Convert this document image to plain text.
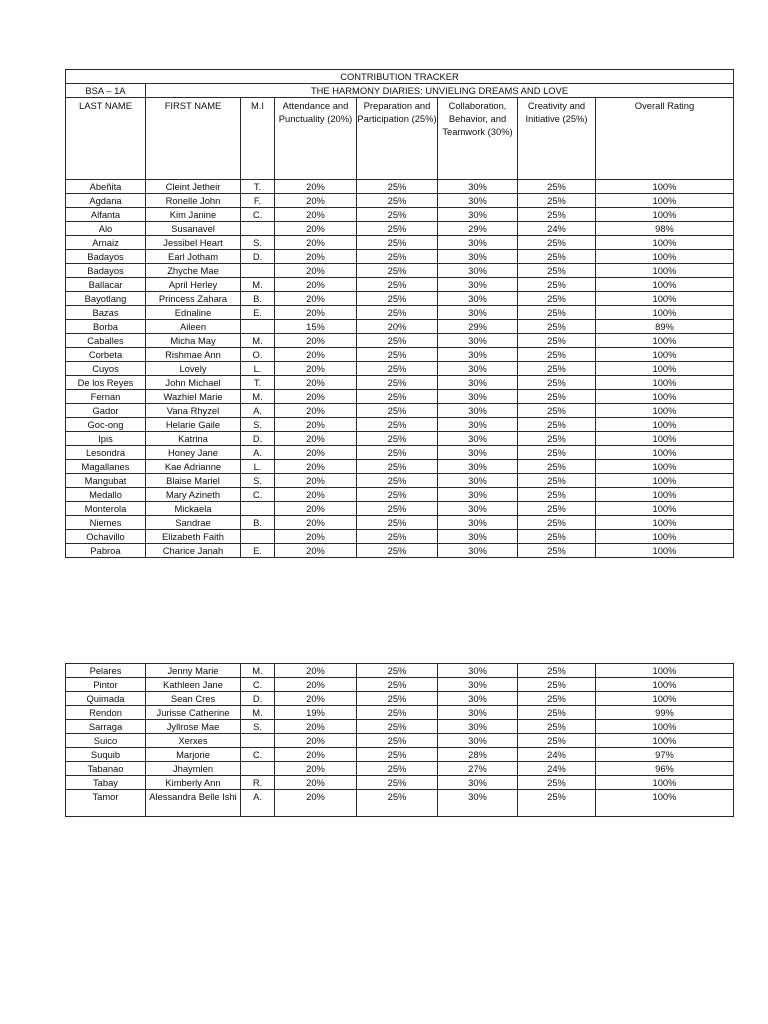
CONTRIBUTION TRACKER							
BSA – 1A	THE HARMONY DIARIES: UNVIELING DREAMS AND LOVE						
LAST NAME	FIRST NAME	M.I	Attendance and Punctuality (20%)	Preparation and Participation (25%)	Collaboration, Behavior, and Teamwork (30%)	Creativity and Initiative (25%)	Overall Rating
Abeñita	Cleint Jetheir	T.	20%	25%	30%	25%	100%
Agdana	Ronelle John	F.	20%	25%	30%	25%	100%
Alfanta	Kim Janine	C.	20%	25%	30%	25%	100%
Alo	Susanavel		20%	25%	29%	24%	98%
Arnaiz	Jessibel Heart	S.	20%	25%	30%	25%	100%
Badayos	Earl Jotham	D.	20%	25%	30%	25%	100%
Badayos	Zhyche Mae		20%	25%	30%	25%	100%
Ballacar	April Herley	M.	20%	25%	30%	25%	100%
Bayotlang	Princess Zahara	B.	20%	25%	30%	25%	100%
Bazas	Ednaline	E.	20%	25%	30%	25%	100%
Borba	Aileen		15%	20%	29%	25%	89%
Caballes	Micha May	M.	20%	25%	30%	25%	100%
Corbeta	Rishmae Ann	O.	20%	25%	30%	25%	100%
Cuyos	Lovely	L.	20%	25%	30%	25%	100%
De los Reyes	John Michael	T.	20%	25%	30%	25%	100%
Fernan	Wazhiel Marie	M.	20%	25%	30%	25%	100%
Gador	Vana Rhyzel	A.	20%	25%	30%	25%	100%
Goc-ong	Helarie Gaile	S.	20%	25%	30%	25%	100%
Ipis	Katrina	D.	20%	25%	30%	25%	100%
Lesondra	Honey Jane	A.	20%	25%	30%	25%	100%
Magallanes	Kae Adrianne	L.	20%	25%	30%	25%	100%
Mangubat	Blaise Mariel	S.	20%	25%	30%	25%	100%
Medallo	Mary Azineth	C.	20%	25%	30%	25%	100%
Monterola	Mickaela		20%	25%	30%	25%	100%
Niemes	Sandrae	B.	20%	25%	30%	25%	100%
Ochavillo	Elizabeth Faith		20%	25%	30%	25%	100%
Pabroa	Charice Janah	E.	20%	25%	30%	25%	100%
Pelares	Jenny Marie	M.	20%	25%	30%	25%	100%
Pintor	Kathleen Jane	C.	20%	25%	30%	25%	100%
Quimada	Sean Cres	D.	20%	25%	30%	25%	100%
Rendon	Jurisse Catherine	M.	19%	25%	30%	25%	99%
Sarraga	Jyllrose Mae	S.	20%	25%	30%	25%	100%
Suico	Xerxes		20%	25%	30%	25%	100%
Suquib	Marjorie	C.	20%	25%	28%	24%	97%
Tabanao	Jhaymlen		20%	25%	27%	24%	96%
Tabay	Kimberly Ann	R.	20%	25%	30%	25%	100%
Tamor	Alessandra Belle Ishi	A.	20%	25%	30%	25%	100%
